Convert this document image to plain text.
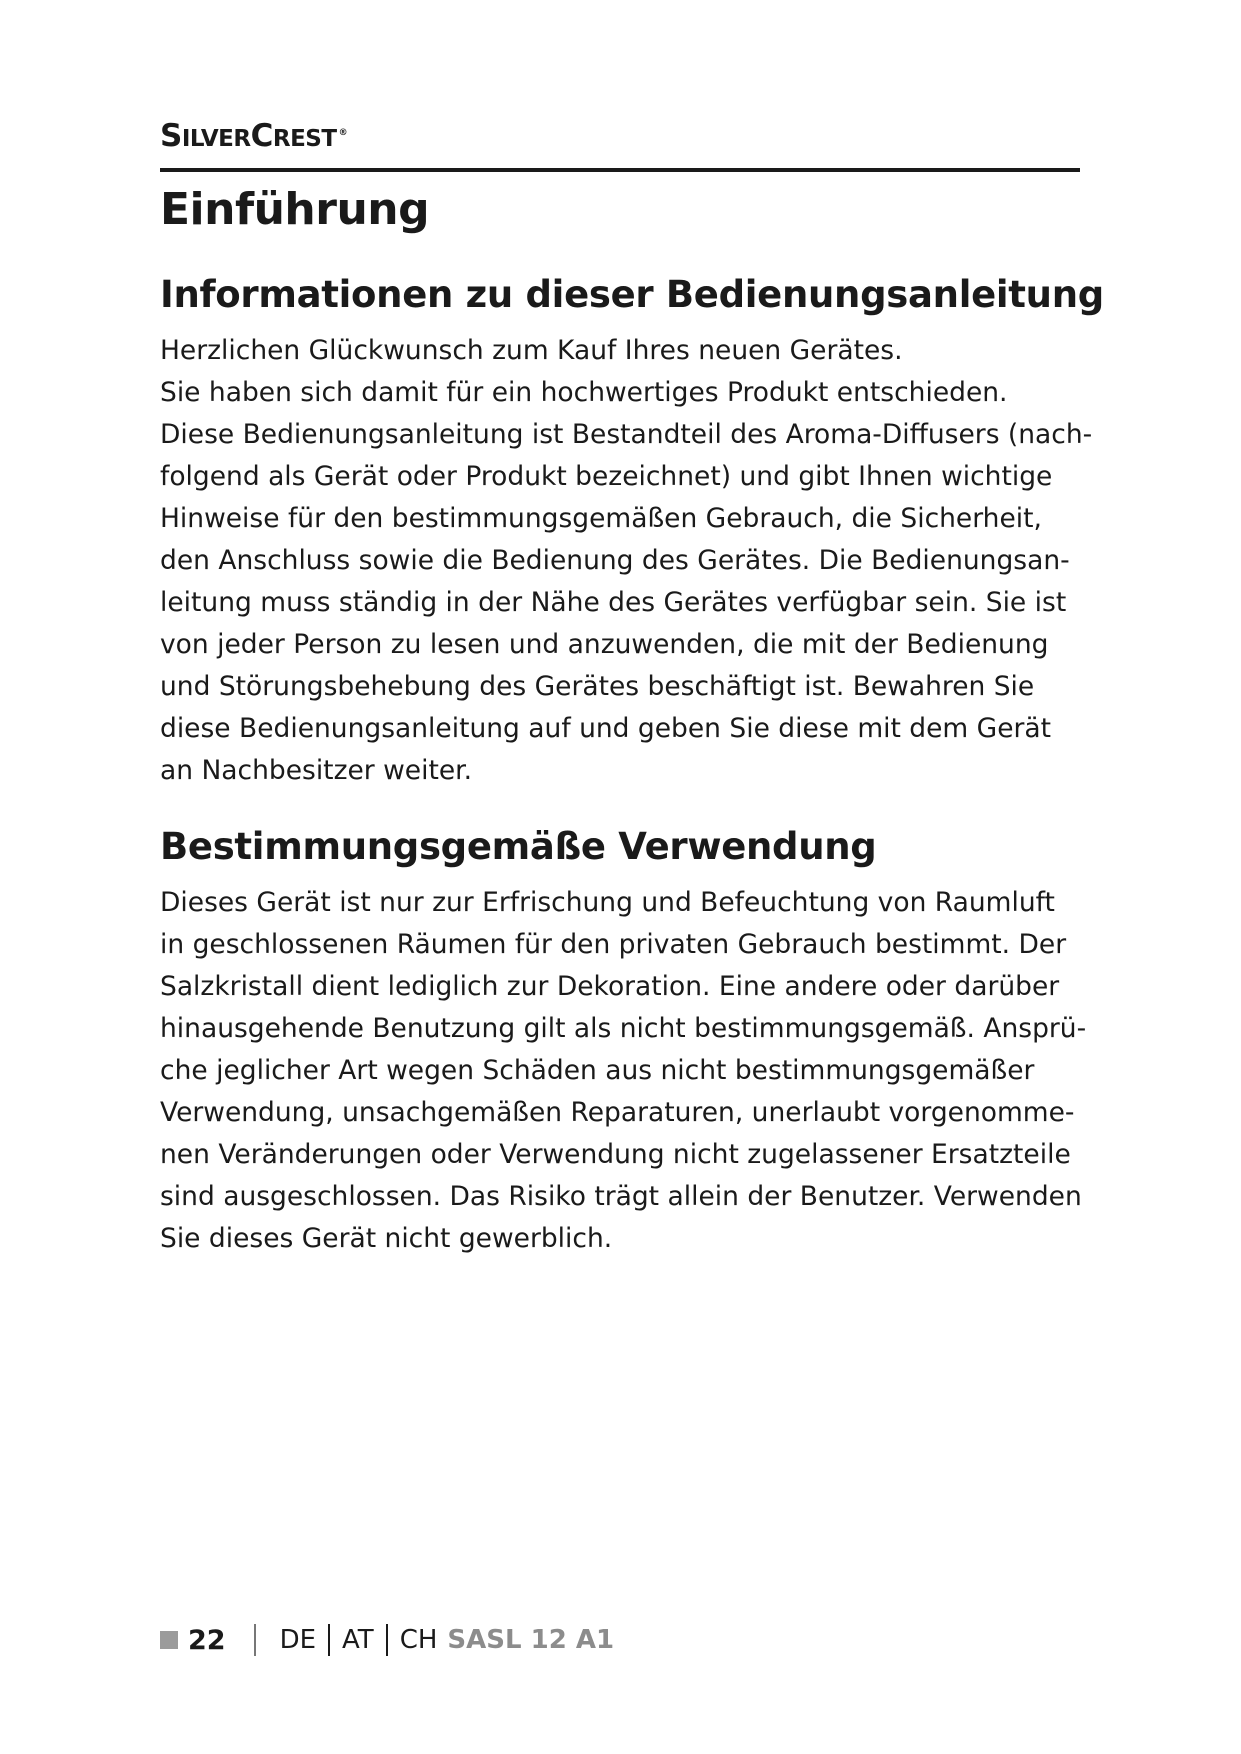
SILVERCREST ®
Einführung
Informationen zu dieser Bedienungsanleitung

Herzlichen Glückwunsch zum Kauf Ihres neuen Gerätes.
Sie haben sich damit für ein hochwertiges Produkt entschieden.
Diese Bedienungsanleitung ist Bestandteil des Aroma-Diffusers (nach-
folgend als Gerät oder Produkt bezeichnet) und gibt Ihnen wichtige
Hinweise für den bestimmungsgemäßen Gebrauch, die Sicherheit,
den Anschluss sowie die Bedienung des Gerätes. Die Bedienungsan-
leitung muss ständig in der Nähe des Gerätes verfügbar sein. Sie ist
von jeder Person zu lesen und anzuwenden, die mit der Bedienung
und Störungsbehebung des Gerätes beschäftigt ist. Bewahren Sie
diese Bedienungsanleitung auf und geben Sie diese mit dem Gerät
an Nachbesitzer weiter.

Bestimmungsgemäße Verwendung

Dieses Gerät ist nur zur Erfrischung und Befeuchtung von Raumluft
in geschlossenen Räumen für den privaten Gebrauch bestimmt. Der
Salzkristall dient lediglich zur Dekoration. Eine andere oder darüber
hinausgehende Benutzung gilt als nicht bestimmungsgemäß. Ansprü-
che jeglicher Art wegen Schäden aus nicht bestimmungsgemäßer
Verwendung, unsachgemäßen Reparaturen, unerlaubt vorgenomme-
nen Veränderungen oder Verwendung nicht zugelassener Ersatzteile
sind ausgeschlossen. Das Risiko trägt allein der Benutzer. Verwenden
Sie dieses Gerät nicht gewerblich.

22 DE AT CH SASL 12 A1
